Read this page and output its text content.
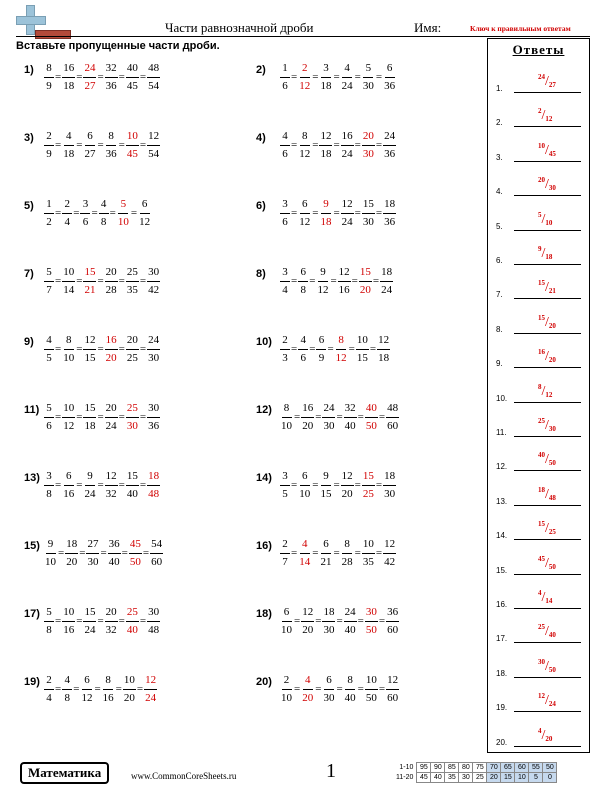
Части равнозначной дроби	Имя:	Ключ к правильным ответам
Вставьте пропущенные части дроби.
$1) \frac{8}{9} = \frac{16}{18} = \frac{24}{27} = \frac{32}{36} = \frac{40}{45} = \frac{48}{54}$	$2) \frac{1}{6} = \frac{2}{12} = \frac{3}{18} = \frac{4}{24} = \frac{5}{30} = \frac{6}{36}$
$3) \frac{2}{9} = \frac{4}{18} = \frac{6}{27} = \frac{8}{36} = \frac{10}{45} = \frac{12}{54}$	$4) \frac{4}{6} = \frac{8}{12} = \frac{12}{18} = \frac{16}{24} = \frac{20}{30} = \frac{24}{36}$
$5) \frac{1}{2} = \frac{2}{4} = \frac{3}{6} = \frac{4}{8} = \frac{5}{10} = \frac{6}{12}$	$6) \frac{3}{6} = \frac{6}{12} = \frac{9}{18} = \frac{12}{24} = \frac{15}{30} = \frac{18}{36}$
$7) \frac{5}{7} = \frac{10}{14} = \frac{15}{21} = \frac{20}{28} = \frac{25}{35} = \frac{30}{42}$	$8) \frac{3}{4} = \frac{6}{8} = \frac{9}{12} = \frac{12}{16} = \frac{15}{20} = \frac{18}{24}$
$9) \frac{4}{5} = \frac{8}{10} = \frac{12}{15} = \frac{16}{20} = \frac{20}{25} = \frac{24}{30}$	$10) \frac{2}{3} = \frac{4}{6} = \frac{6}{9} = \frac{8}{12} = \frac{10}{15} = \frac{12}{18}$
$11) \frac{5}{6} = \frac{10}{12} = \frac{15}{18} = \frac{20}{24} = \frac{25}{30} = \frac{30}{36}$	$12) \frac{8}{10} = \frac{16}{20} = \frac{24}{30} = \frac{32}{40} = \frac{40}{50} = \frac{48}{60}$
$13) \frac{3}{8} = \frac{6}{16} = \frac{9}{24} = \frac{12}{32} = \frac{15}{40} = \frac{18}{48}$	$14) \frac{3}{5} = \frac{6}{10} = \frac{9}{15} = \frac{12}{20} = \frac{15}{25} = \frac{18}{30}$
$15) \frac{9}{10} = \frac{18}{20} = \frac{27}{30} = \frac{36}{40} = \frac{45}{50} = \frac{54}{60}$	$16) \frac{2}{7} = \frac{4}{14} = \frac{6}{21} = \frac{8}{28} = \frac{10}{35} = \frac{12}{42}$
$17) \frac{5}{8} = \frac{10}{16} = \frac{15}{24} = \frac{20}{32} = \frac{25}{40} = \frac{30}{48}$	$18) \frac{6}{10} = \frac{12}{20} = \frac{18}{30} = \frac{24}{40} = \frac{30}{50} = \frac{36}{60}$
$19) \frac{2}{4} = \frac{4}{8} = \frac{6}{12} = \frac{8}{16} = \frac{10}{20} = \frac{12}{24}$	$20) \frac{2}{10} = \frac{4}{20} = \frac{6}{30} = \frac{8}{40} = \frac{10}{50} = \frac{12}{60}$
Ответы
1.
$^{24}/_{27}$
2.
$^2/_{12}$
3.
$^{10}/_{45}$
4.
$^{20}/_{30}$
5.
$^5/_{10}$
6.
$^9/_{18}$
7.
$^{15}/_{21}$
8.
$^{15}/_{20}$
9.
$^{16}/_{20}$
10.
$^8/_{12}$
11.
$^{25}/_{30}$
12.
$^{40}/_{50}$
13.
$^{18}/_{48}$
14.
$^{15}/_{25}$
15.
$^{45}/_{50}$
16.
$^4/_{14}$
17.
$^{25}/_{40}$
18.
$^{30}/_{50}$
19.
$^{12}/_{24}$
20.
$^4/_{20}$
Математика	www.CommonCoreSheets.ru	1	1-10	95	90	85	80	75	70	65	60	55	50
11-20	45	40	35	30	25	20	15	10	5	0
